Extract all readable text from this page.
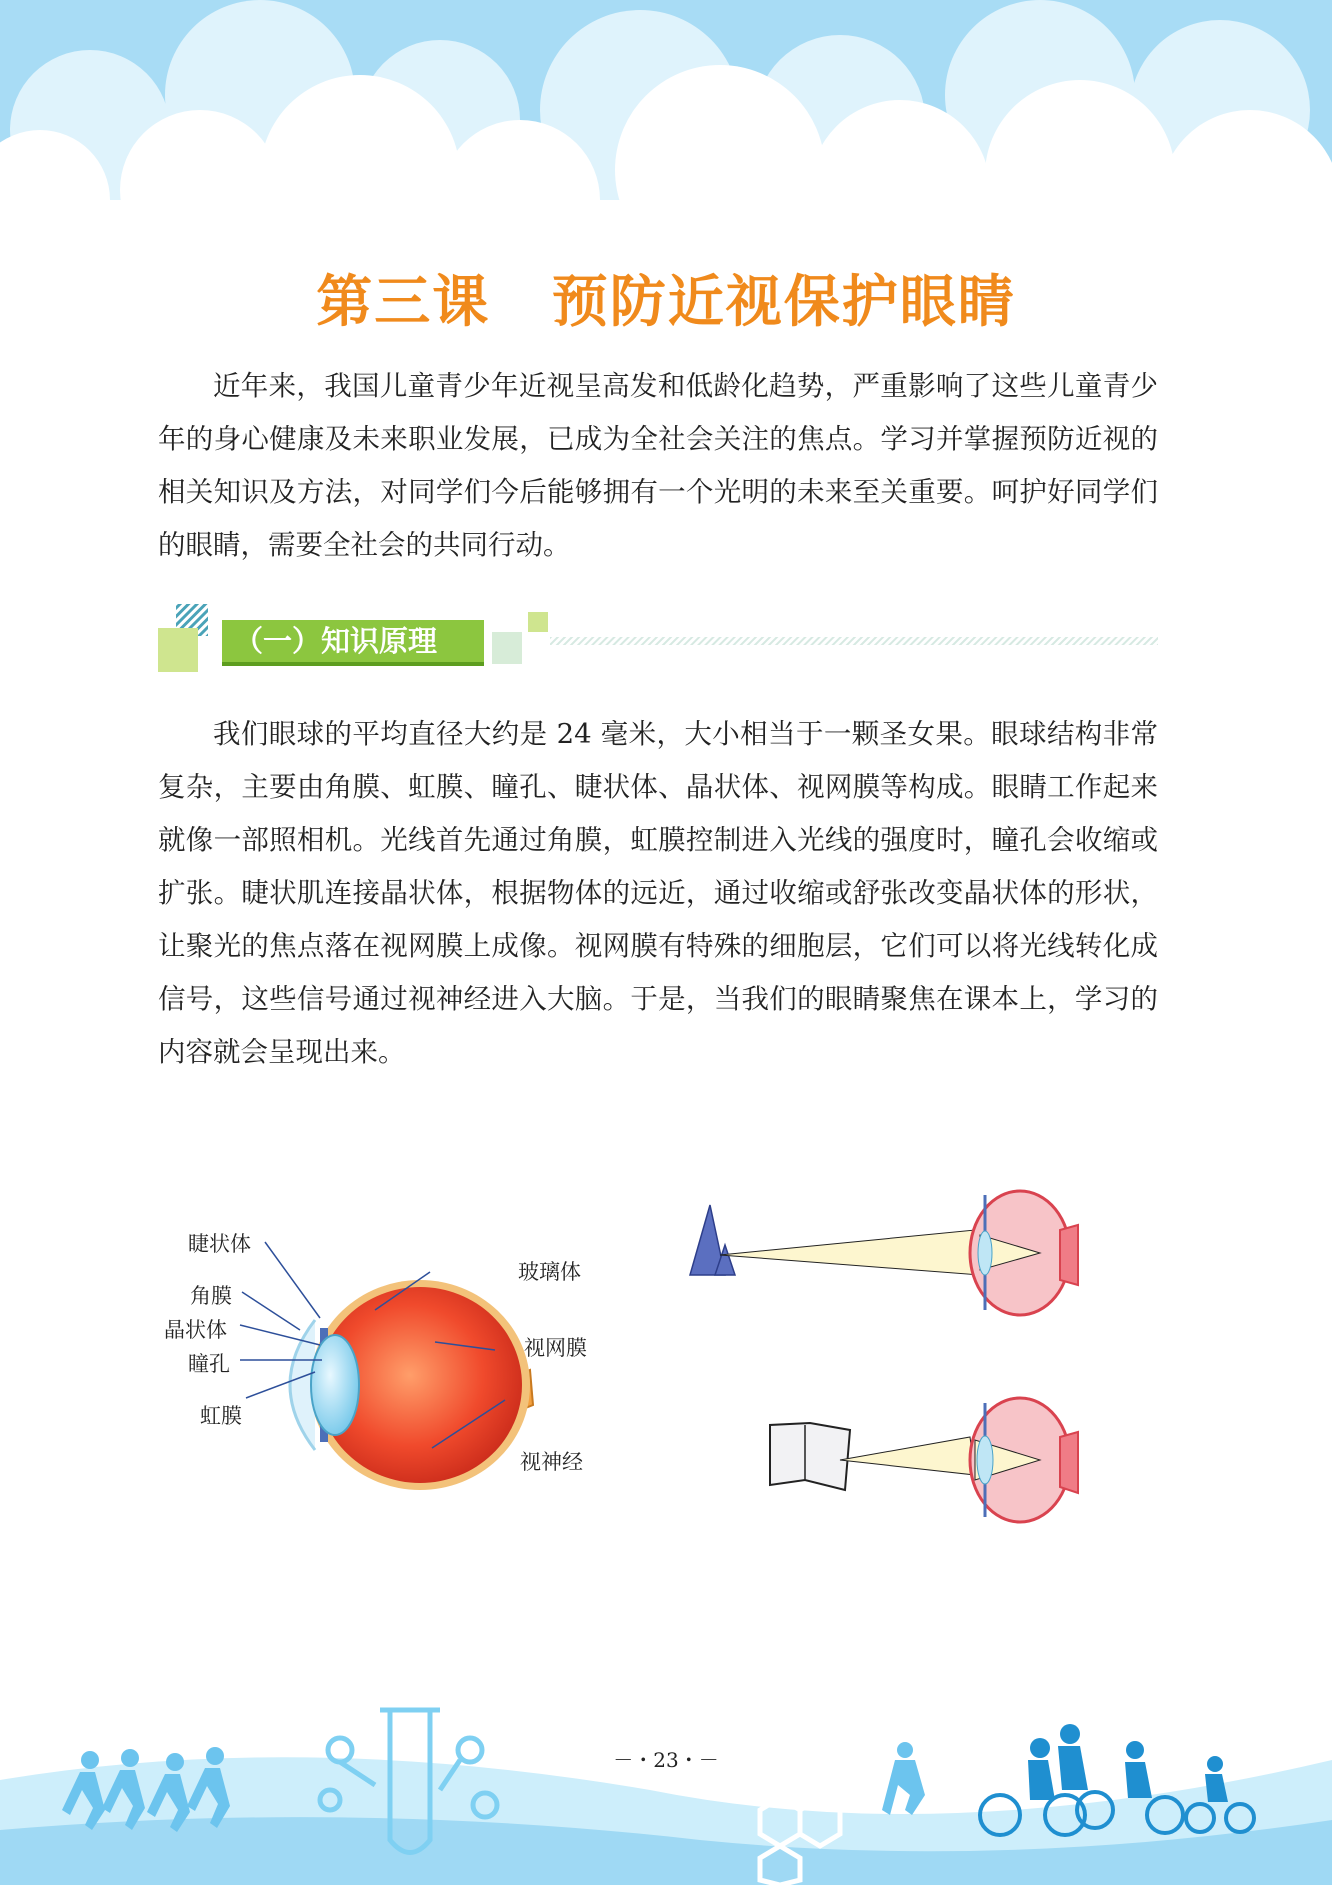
第三课 预防近视保护眼睛

近年来，我国儿童青少年近视呈高发和低龄化趋势，严重影响了这些儿童青少年的身心健康及未来职业发展，已成为全社会关注的焦点。学习并掌握预防近视的相关知识及方法，对同学们今后能够拥有一个光明的未来至关重要。呵护好同学们的眼睛，需要全社会的共同行动。

（一）知识原理

我们眼球的平均直径大约是 24 毫米，大小相当于一颗圣女果。眼球结构非常复杂，主要由角膜、虹膜、瞳孔、睫状体、晶状体、视网膜等构成。眼睛工作起来就像一部照相机。光线首先通过角膜，虹膜控制进入光线的强度时，瞳孔会收缩或扩张。睫状肌连接晶状体，根据物体的远近，通过收缩或舒张改变晶状体的形状，让聚光的焦点落在视网膜上成像。视网膜有特殊的细胞层，它们可以将光线转化成信号，这些信号通过视神经进入大脑。于是，当我们的眼睛聚焦在课本上，学习的内容就会呈现出来。

睫状体
角膜
晶状体
瞳孔
虹膜
玻璃体
视网膜
视神经
－・23・－
